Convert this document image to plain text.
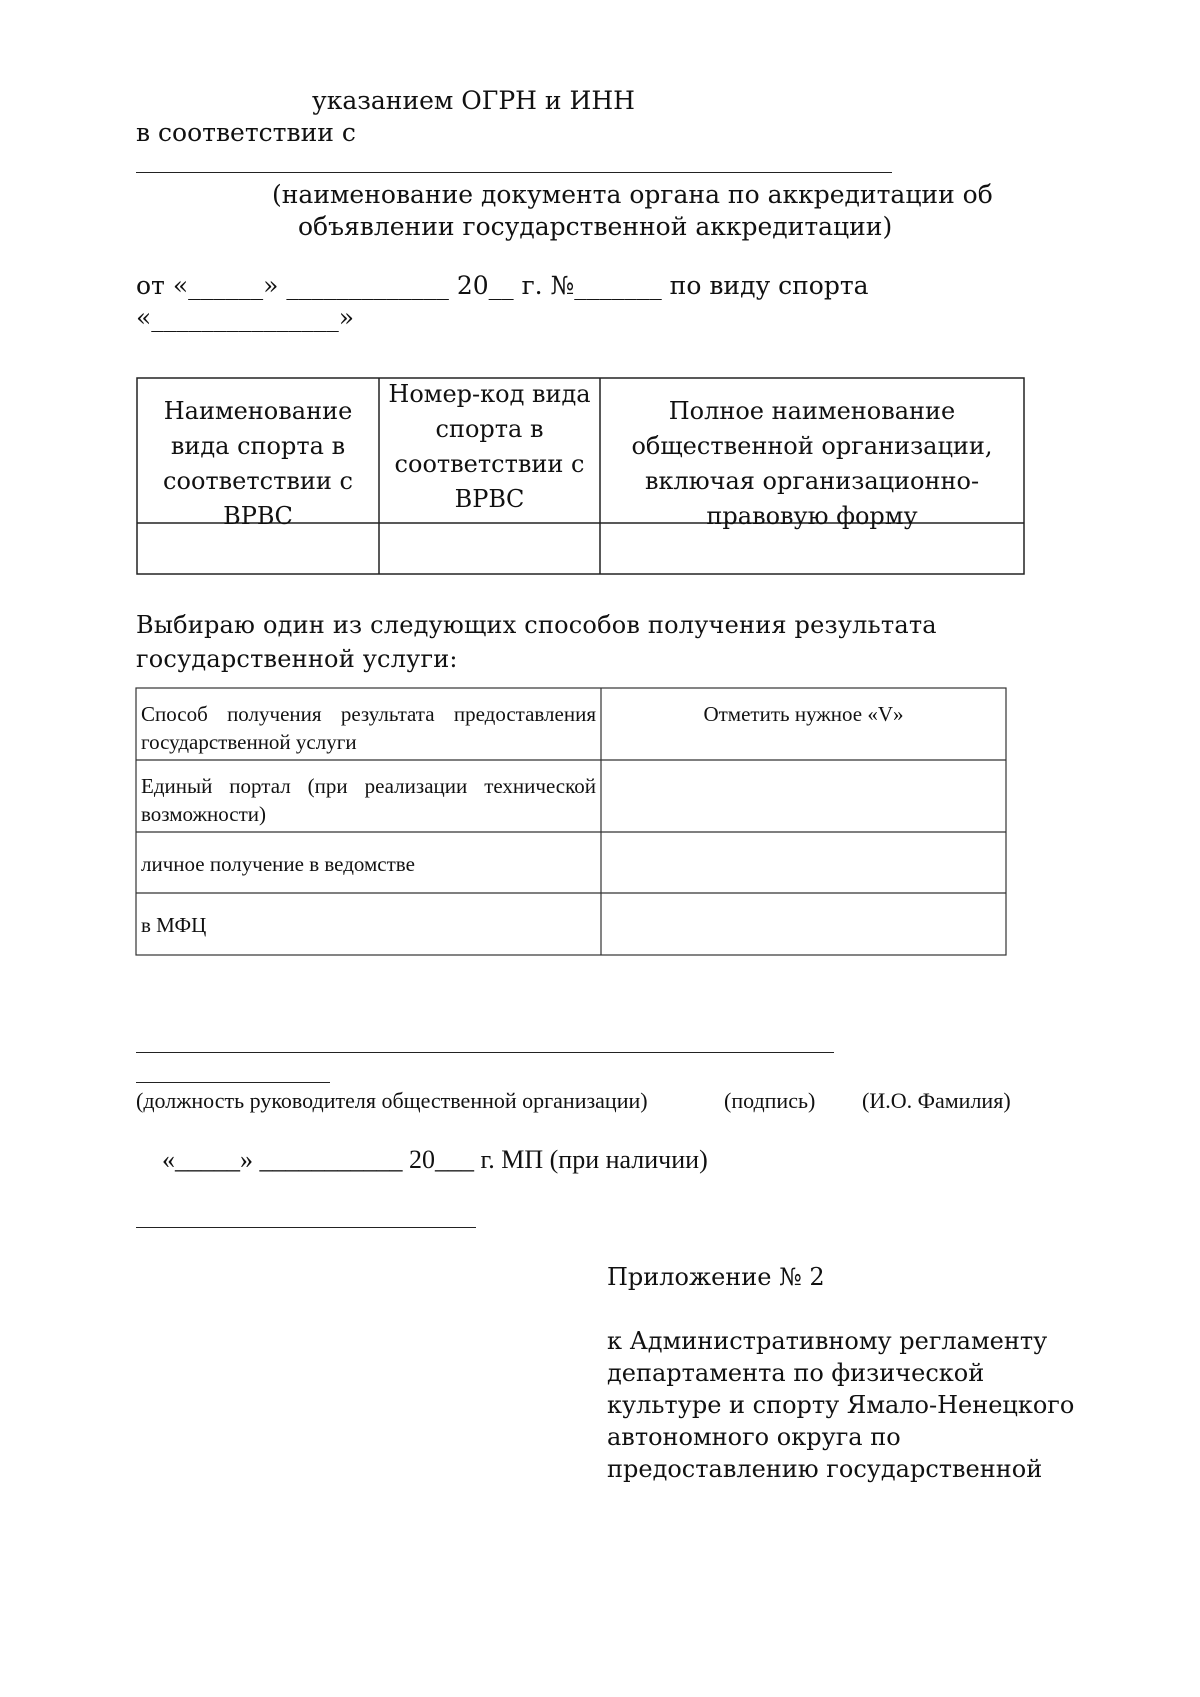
указанием ОГРН и ИНН
в соответствии с
(наименование документа органа по аккредитации об
объявлении государственной аккредитации)
от «______» _____________ 20__ г. №_______ по виду спорта
«_______________»
Наименование вида спорта в соответствии с ВРВС
Номер-код вида спорта в соответствии с ВРВС
Полное наименование общественной организации, включая организационно-правовую форму
Выбираю один из следующих способов получения результата государственной услуги:
Способ получения результата предоставления государственной услуги
Отметить нужное «V»
Единый портал (при реализации технической возможности)
личное получение в ведомстве
в МФЦ
(должность руководителя общественной организации)	(подпись) (И.О. Фамилия)
«_____» ___________ 20___ г. МП (при наличии)
Приложение № 2
к Административному регламенту
департамента по физической
культуре и спорту Ямало-Ненецкого
автономного округа по
предоставлению государственной
